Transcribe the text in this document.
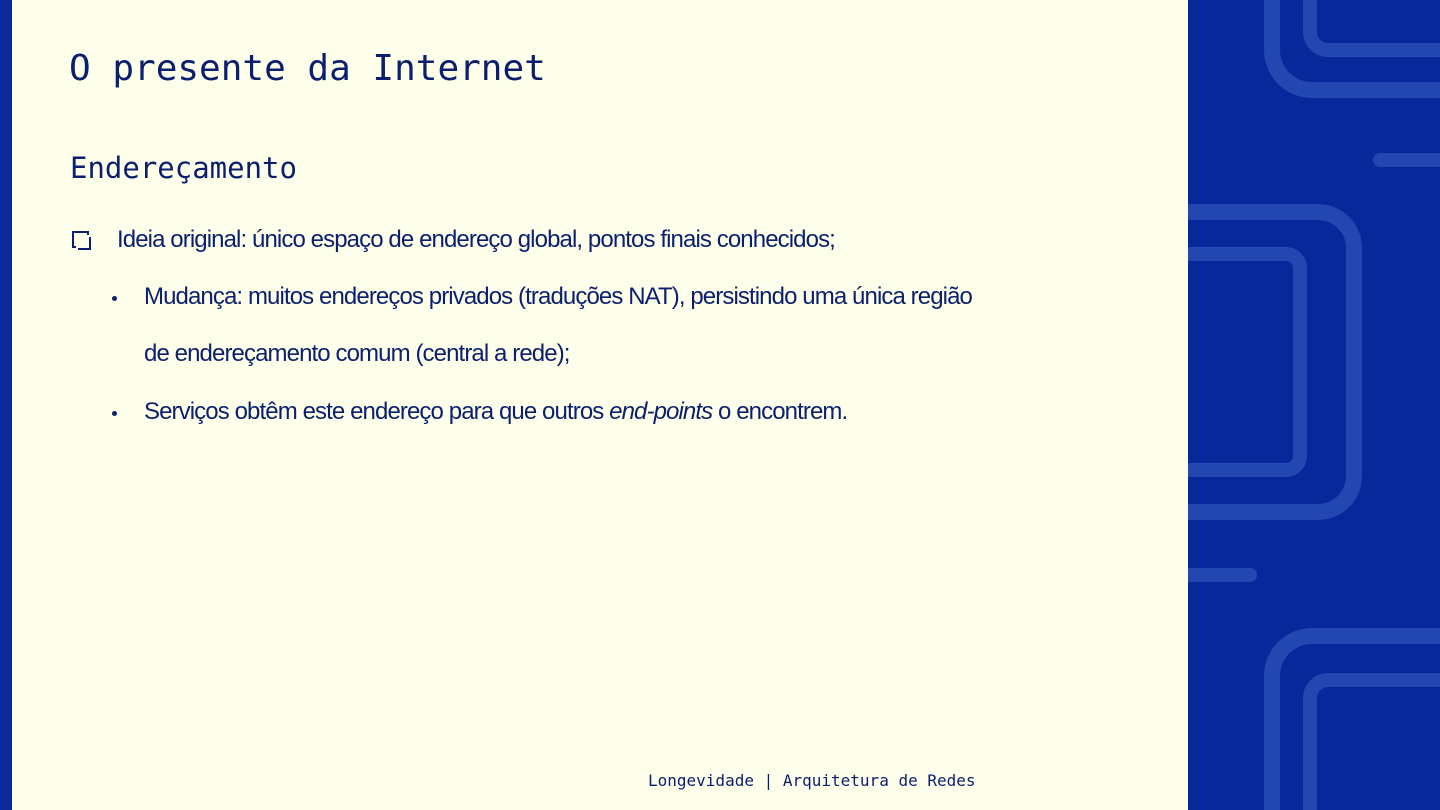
O presente da Internet
Endereçamento
Ideia original: único espaço de endereço global, pontos finais conhecidos;
Mudança: muitos endereços privados (traduções NAT), persistindo uma única região
de endereçamento comum (central a rede);
Serviços obtêm este endereço para que outros end-points o encontrem.
Longevidade | Arquitetura de Redes
